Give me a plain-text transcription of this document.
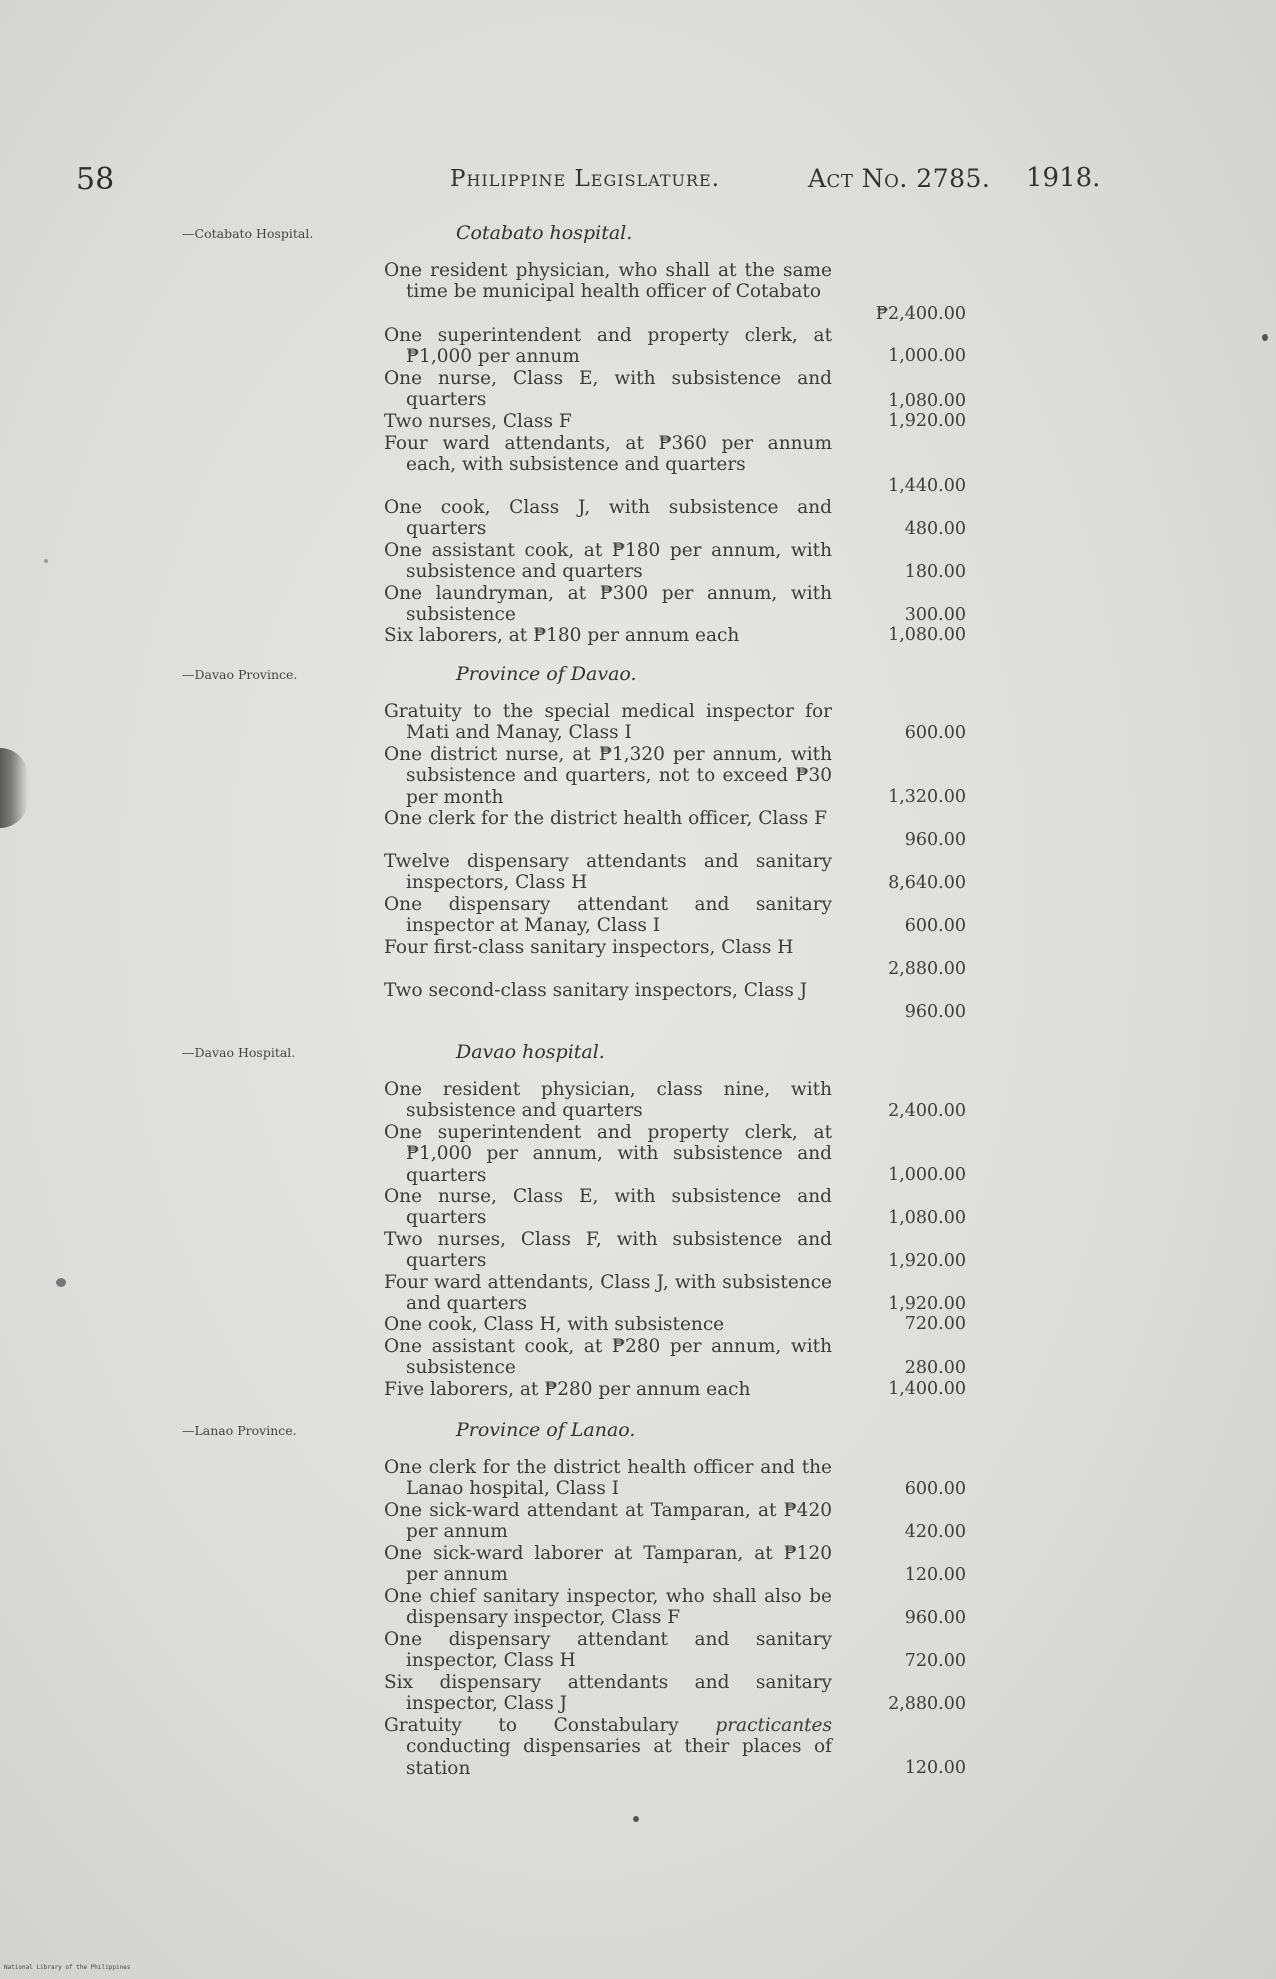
58	Philippine Legislature.	Act No. 2785. 1918.
—Cotabato Hospital.	Cotabato hospital.
One resident physician, who shall at the same time be municipal health officer of Cotabato
₱2,400.00
One superintendent and property clerk, at ₱1,000 per annum	1,000.00
One nurse, Class E, with subsistence and quarters	1,080.00
Two nurses, Class F	1,920.00
Four ward attendants, at ₱360 per annum each, with subsistence and quarters
1,440.00
One cook, Class J, with subsistence and quarters	480.00
One assistant cook, at ₱180 per annum, with subsistence and quarters	180.00
One laundryman, at ₱300 per annum, with subsistence	300.00
Six laborers, at ₱180 per annum each	1,080.00
—Davao Province.	Province of Davao.
Gratuity to the special medical inspector for Mati and Manay, Class I	600.00
One district nurse, at ₱1,320 per annum, with subsistence and quarters, not to exceed ₱30 per month	1,320.00
One clerk for the district health officer, Class F
960.00
Twelve dispensary attendants and sanitary inspectors, Class H	8,640.00
One dispensary attendant and sanitary inspector at Manay, Class I	600.00
Four first-class sanitary inspectors, Class H
2,880.00
Two second-class sanitary inspectors, Class J
960.00
—Davao Hospital.	Davao hospital.
One resident physician, class nine, with subsistence and quarters	2,400.00
One superintendent and property clerk, at ₱1,000 per annum, with subsistence and quarters	1,000.00
One nurse, Class E, with subsistence and quarters	1,080.00
Two nurses, Class F, with subsistence and quarters	1,920.00
Four ward attendants, Class J, with subsistence and quarters	1,920.00
One cook, Class H, with subsistence	720.00
One assistant cook, at ₱280 per annum, with subsistence	280.00
Five laborers, at ₱280 per annum each	1,400.00
—Lanao Province.	Province of Lanao.
One clerk for the district health officer and the Lanao hospital, Class I	600.00
One sick-ward attendant at Tamparan, at ₱420 per annum	420.00
One sick-ward laborer at Tamparan, at ₱120 per annum	120.00
One chief sanitary inspector, who shall also be dispensary inspector, Class F	960.00
One dispensary attendant and sanitary inspector, Class H	720.00
Six dispensary attendants and sanitary inspector, Class J	2,880.00
Gratuity to Constabulary practicantes conducting dispensaries at their places of station	120.00
National Library of the Philippines
